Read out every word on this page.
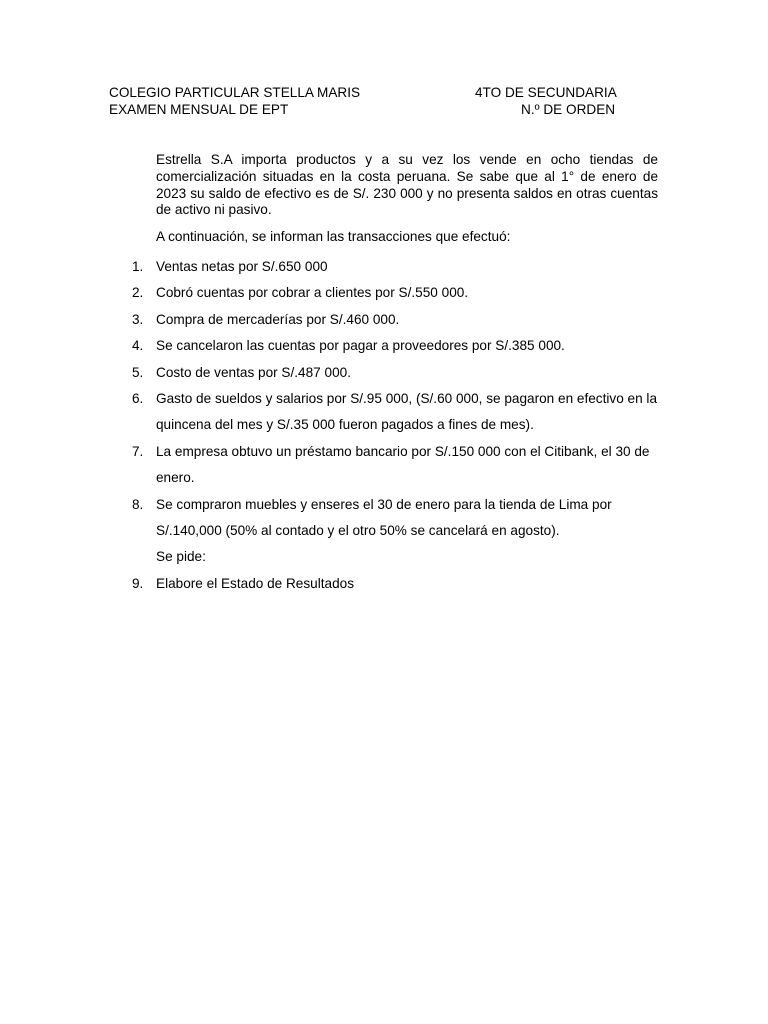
COLEGIO PARTICULAR STELLA MARIS	4TO DE SECUNDARIA
EXAMEN MENSUAL DE EPT	N.º DE ORDEN
Estrella S.A importa productos y a su vez los vende en ocho tiendas de comercialización situadas en la costa peruana. Se sabe que al 1° de enero de 2023 su saldo de efectivo es de S/. 230 000 y no presenta saldos en otras cuentas de activo ni pasivo.
A continuación, se informan las transacciones que efectuó:
1. Ventas netas por S/.650 000
2. Cobró cuentas por cobrar a clientes por S/.550 000.
3. Compra de mercaderías por S/.460 000.
4. Se cancelaron las cuentas por pagar a proveedores por S/.385 000.
5. Costo de ventas por S/.487 000.
6. Gasto de sueldos y salarios por S/.95 000, (S/.60 000, se pagaron en efectivo en la quincena del mes y S/.35 000 fueron pagados a fines de mes).
7. La empresa obtuvo un préstamo bancario por S/.150 000 con el Citibank, el 30 de enero.
8. Se compraron muebles y enseres el 30 de enero para la tienda de Lima por S/.140,000 (50% al contado y el otro 50% se cancelará en agosto).
Se pide:
9. Elabore el Estado de Resultados
